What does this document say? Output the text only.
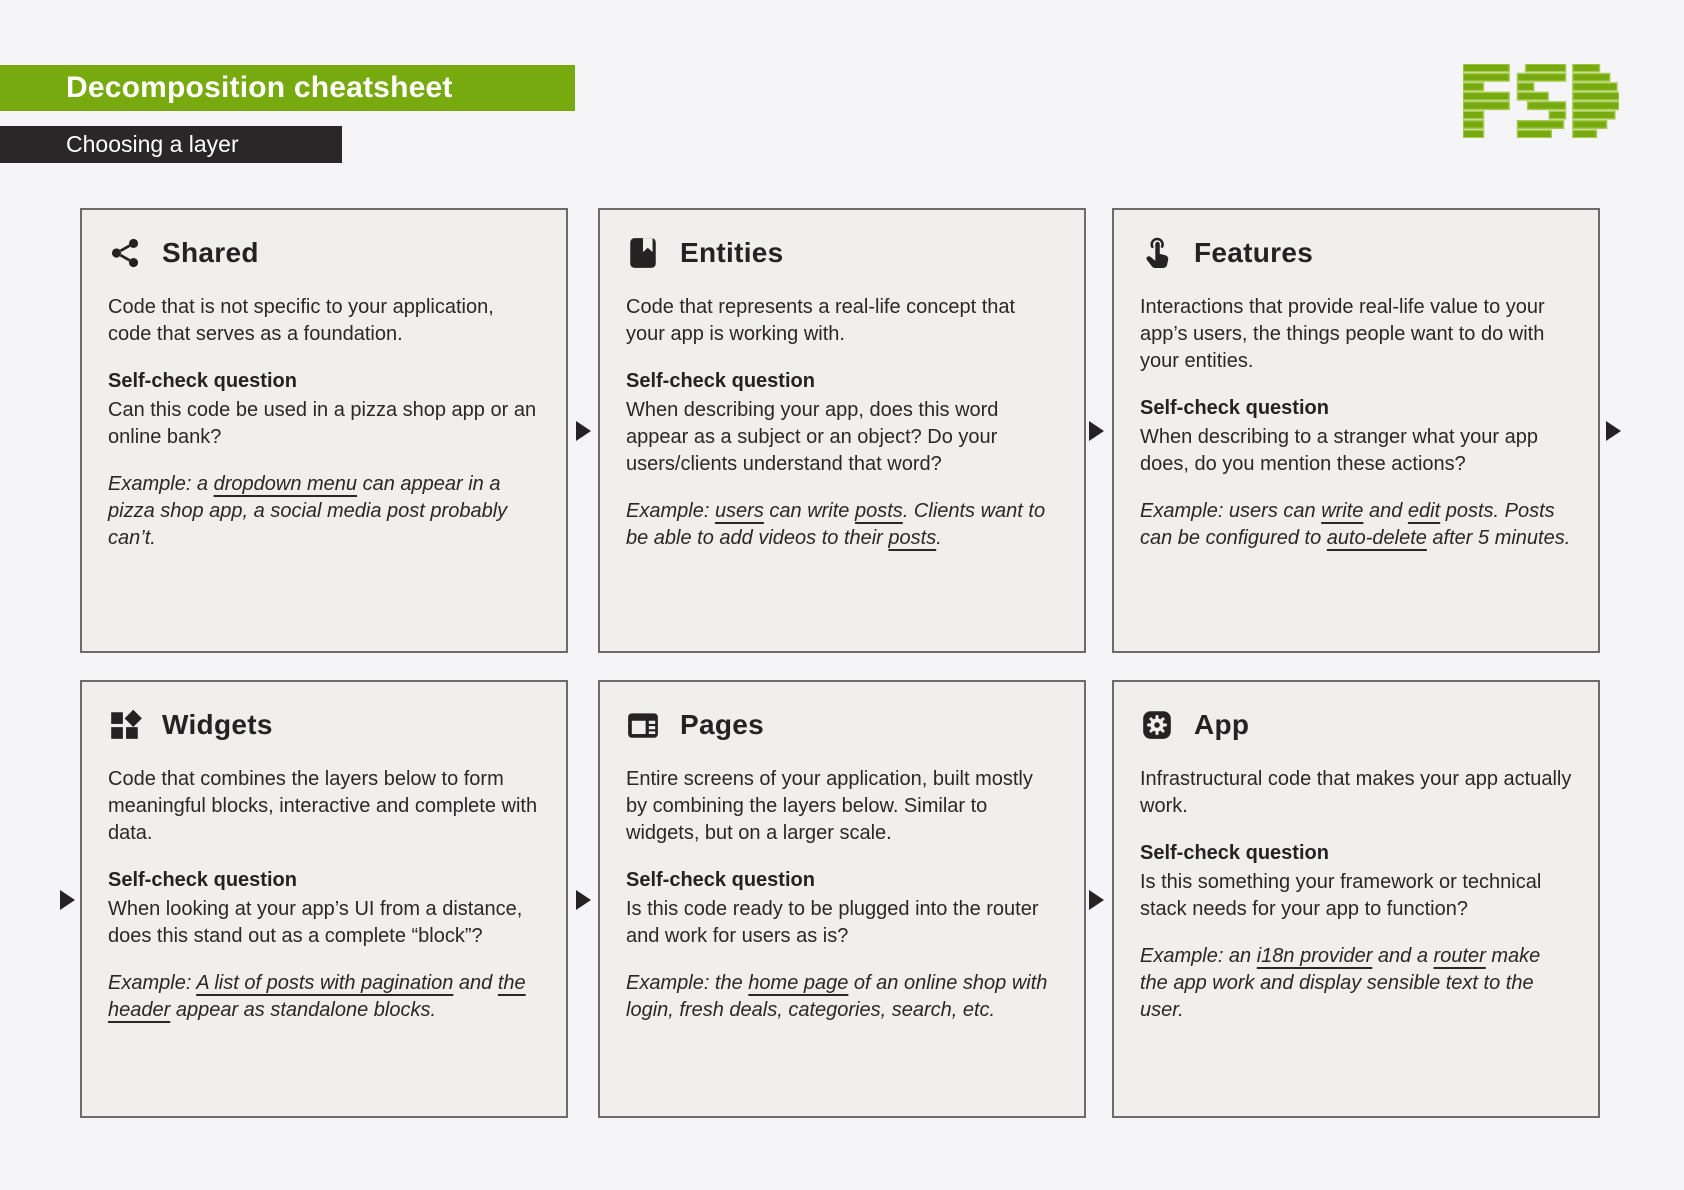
Decomposition cheatsheet
Choosing a layer
Shared

Code that is not specific to your application, code that serves as a foundation.

Self-check question

Can this code be used in a pizza shop app or an online bank?

Example: a dropdown menu can appear in a pizza shop app, a social media post probably can’t.

Entities

Code that represents a real-life concept that your app is working with.

Self-check question

When describing your app, does this word appear as a subject or an object? Do your users/clients understand that word?

Example: users can write posts. Clients want to be able to add videos to their posts.

Features

Interactions that provide real-life value to your app’s users, the things people want to do with your entities.

Self-check question

When describing to a stranger what your app does, do you mention these actions?

Example: users can write and edit posts. Posts can be configured to auto-delete after 5 minutes.

Widgets

Code that combines the layers below to form meaningful blocks, interactive and complete with data.

Self-check question

When looking at your app’s UI from a distance, does this stand out as a complete “block”?

Example: A list of posts with pagination and the header appear as standalone blocks.

Pages

Entire screens of your application, built mostly by combining the layers below. Similar to widgets, but on a larger scale.

Self-check question

Is this code ready to be plugged into the router and work for users as is?

Example: the home page of an online shop with login, fresh deals, categories, search, etc.

App

Infrastructural code that makes your app actually work.

Self-check question

Is this something your framework or technical stack needs for your app to function?

Example: an i18n provider and a router make the app work and display sensible text to the user.
